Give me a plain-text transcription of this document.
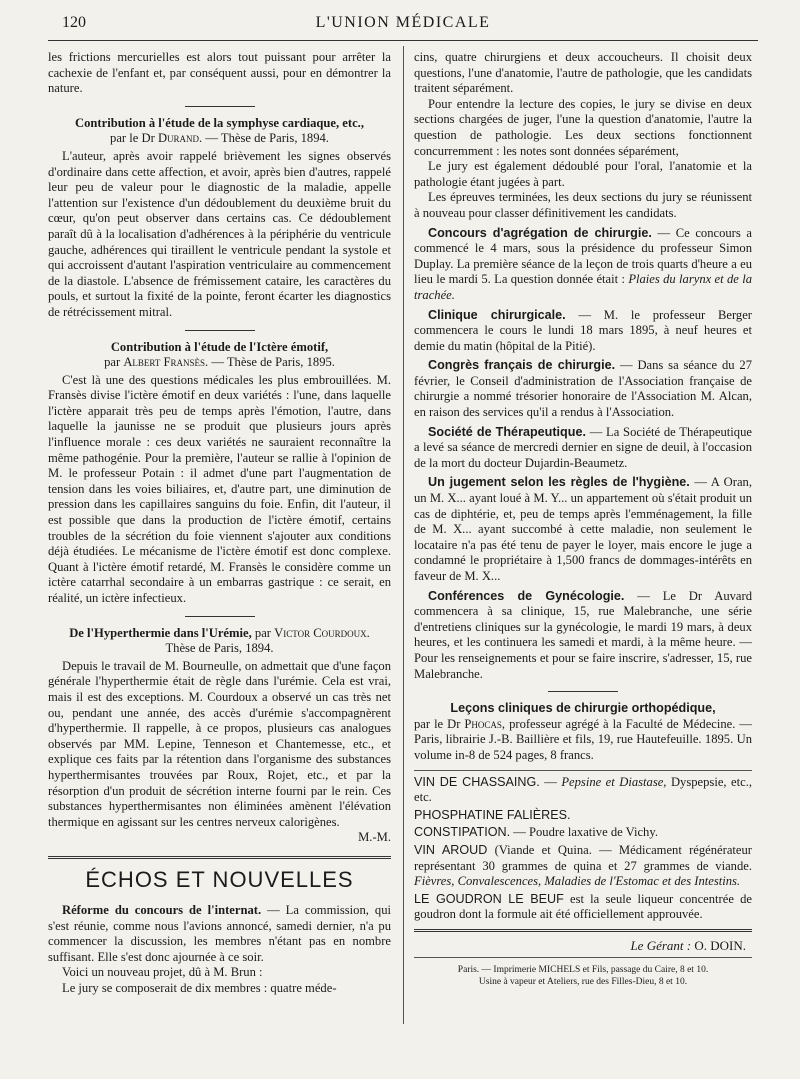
120	L'UNION MÉDICALE

les frictions mercurielles est alors tout puissant pour arrêter la cachexie de l'enfant et, par conséquent aussi, pour en démontrer la nature.

Contribution à l'étude de la symphyse cardiaque, etc.,
par le Dr Durand. — Thèse de Paris, 1894.

L'auteur, après avoir rappelé brièvement les signes observés d'ordinaire dans cette affection, et avoir, après bien d'autres, rappelé leur peu de valeur pour le diagnostic de la maladie, appelle l'attention sur l'existence d'un dédoublement du deuxième bruit du cœur, qu'on peut observer dans certains cas. Ce dédoublement paraît dû à la localisation d'adhérences à la périphérie du ventricule gauche, adhérences qui tiraillent le ventricule pendant la systole et qui accroissent d'autant l'aspiration ventriculaire au commencement de la diastole. L'absence de frémissement cataire, les caractères du pouls, et surtout la fixité de la pointe, feront écarter les diagnostics de rétrécissement mitral.

Contribution à l'étude de l'Ictère émotif,
par Albert Fransès. — Thèse de Paris, 1895.

C'est là une des questions médicales les plus embrouillées. M. Fransès divise l'ictère émotif en deux variétés : l'une, dans laquelle l'ictère apparait très peu de temps après l'émotion, l'autre, dans laquelle la jaunisse ne se produit que plusieurs jours après l'influence morale : ces deux variétés ne sauraient reconnaître la même pathogénie. Pour la première, l'auteur se rallie à l'opinion de M. le professeur Potain : il admet d'une part l'augmentation de tension dans les voies biliaires, et, d'autre part, une diminution de pression dans les capillaires sanguins du foie. Enfin, dit l'auteur, il est possible que dans la production de l'ictère émotif, certains troubles de la sécrétion du foie viennent s'ajouter aux conditions déjà étudiées. Le mécanisme de l'ictère émotif est donc complexe. Quant à l'ictère émotif retardé, M. Fransès le considère comme un ictère catarrhal secondaire à un embarras gastrique : ce serait, en réalité, un ictère infectieux.

De l'Hyperthermie dans l'Urémie, par Victor Courdoux.
Thèse de Paris, 1894.

Depuis le travail de M. Bourneulle, on admettait que d'une façon générale l'hyperthermie était de règle dans l'urémie. Cela est vrai, mais il est des exceptions. M. Courdoux a observé un cas très net ou, pendant une année, des accès d'urémie s'accompagnèrent d'hyperthermie. Il rappelle, à ce propos, plusieurs cas analogues observés par MM. Lepine, Tenneson et Chantemesse, etc., et explique ces faits par la rétention dans l'organisme des substances hyperthermisantes trouvées par Roux, Rojet, etc., et par la résorption d'un produit de sécrétion interne fourni par le rein. Ces substances hyperthermisantes non éliminées amènent l'élévation thermique en agissant sur les centres nerveux calorigènes.

M.-M.
ÉCHOS ET NOUVELLES

Réforme du concours de l'internat. — La commission, qui s'est réunie, comme nous l'avions annoncé, samedi dernier, n'a pu commencer la discussion, les membres n'étant pas en nombre suffisant. Elle s'est donc ajournée à ce soir.

Voici un nouveau projet, dû à M. Brun :

Le jury se composerait de dix membres : quatre méde-

cins, quatre chirurgiens et deux accoucheurs. Il choisit deux questions, l'une d'anatomie, l'autre de pathologie, que les candidats traitent séparément.

Pour entendre la lecture des copies, le jury se divise en deux sections chargées de juger, l'une la question d'anatomie, l'autre la question de pathologie. Les deux sections fonctionnent concurremment : les notes sont données séparément,

Le jury est également dédoublé pour l'oral, l'anatomie et la pathologie étant jugées à part.

Les épreuves terminées, les deux sections du jury se réunissent à nouveau pour classer définitivement les candidats.

Concours d'agrégation de chirurgie. — Ce concours a commencé le 4 mars, sous la présidence du professeur Simon Duplay. La première séance de la leçon de trois quarts d'heure a eu lieu le mardi 5. La question donnée était : Plaies du larynx et de la trachée.

Clinique chirurgicale. — M. le professeur Berger commencera le cours le lundi 18 mars 1895, à neuf heures et demie du matin (hôpital de la Pitié).

Congrès français de chirurgie. — Dans sa séance du 27 février, le Conseil d'administration de l'Association française de chirurgie a nommé trésorier honoraire de l'Association M. Alcan, en raison des services qu'il a rendus à l'Association.

Société de Thérapeutique. — La Société de Thérapeutique a levé sa séance de mercredi dernier en signe de deuil, à l'occasion de la mort du docteur Dujardin-Beaumetz.

Un jugement selon les règles de l'hygiène. — A Oran, un M. X... ayant loué à M. Y... un appartement où s'était produit un cas de diphtérie, et, peu de temps après l'emménagement, la fille de M. X... ayant succombé à cette maladie, non seulement le locataire n'a pas été tenu de payer le loyer, mais encore le juge a condamné le propriétaire à 1,500 francs de dommages-intérêts en faveur de M. X...

Conférences de Gynécologie. — Le Dr Auvard commencera à sa clinique, 15, rue Malebranche, une série d'entretiens cliniques sur la gynécologie, le mardi 19 mars, à deux heures, et les continuera les samedi et mardi, à la même heure. — Pour les renseignements et pour se faire inscrire, s'adresser, 15, rue Malebranche.

Leçons cliniques de chirurgie orthopédique,

par le Dr Phocas, professeur agrégé à la Faculté de Médecine. — Paris, librairie J.-B. Baillière et fils, 19, rue Hautefeuille. 1895. Un volume in-8 de 524 pages, 8 francs.

VIN DE CHASSAING. — Pepsine et Diastase, Dyspepsie, etc., etc.

PHOSPHATINE FALIÈRES.

CONSTIPATION. — Poudre laxative de Vichy.

VIN AROUD (Viande et Quina. — Médicament régénérateur représentant 30 grammes de quina et 27 grammes de viande. Fièvres, Convalescences, Maladies de l'Estomac et des Intestins.

LE GOUDRON LE BEUF est la seule liqueur concentrée de goudron dont la formule ait été officiellement approuvée.

Le Gérant : O. DOIN.
Paris. — Imprimerie MICHELS et Fils, passage du Caire, 8 et 10.
Usine à vapeur et Ateliers, rue des Filles-Dieu, 8 et 10.
